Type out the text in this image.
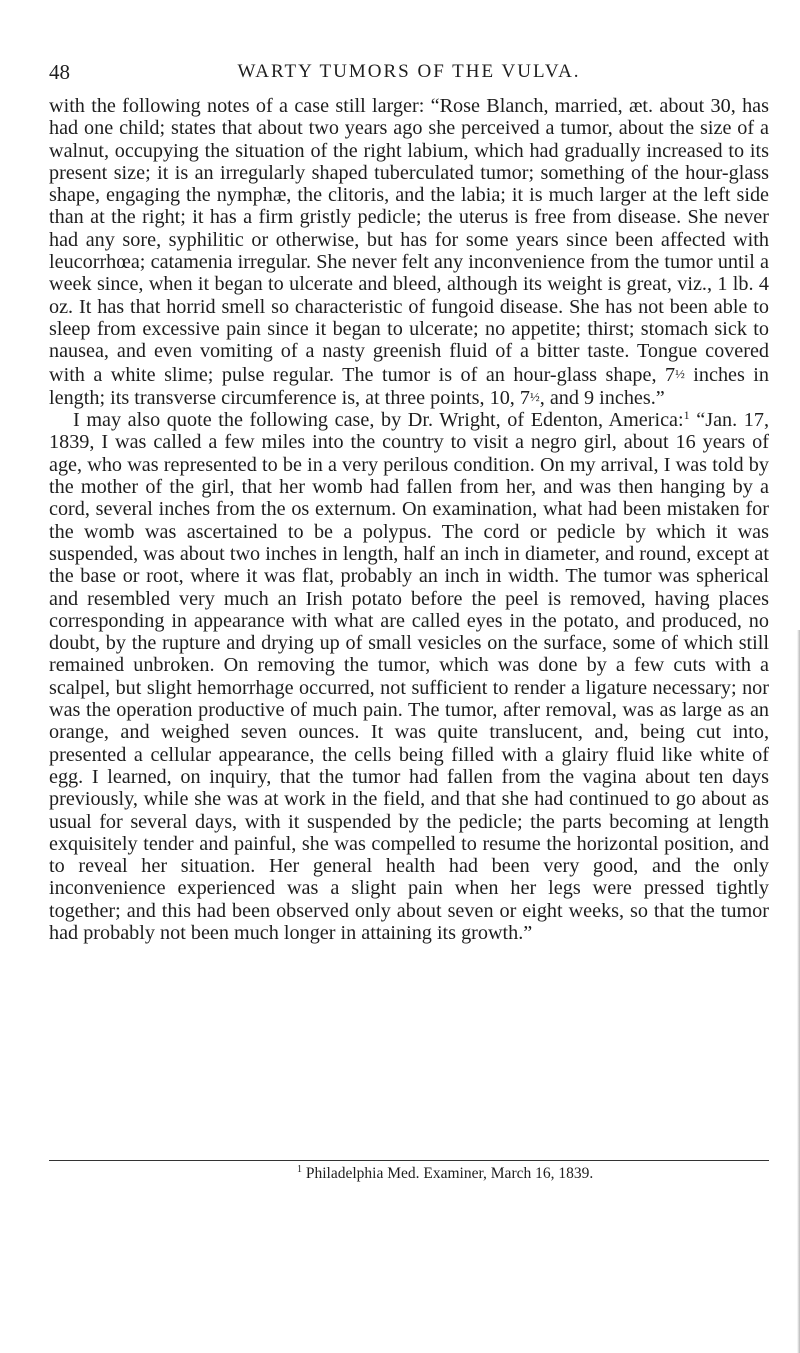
48	WARTY TUMORS OF THE VULVA.

with the following notes of a case still larger: “Rose Blanch, married, æt. about 30, has had one child; states that about two years ago she perceived a tumor, about the size of a walnut, occupying the situation of the right labium, which had gradually increased to its present size; it is an irregularly shaped tuberculated tumor; something of the hour-glass shape, engaging the nymphæ, the clitoris, and the labia; it is much larger at the left side than at the right; it has a firm gristly pedicle; the uterus is free from disease. She never had any sore, syphilitic or otherwise, but has for some years since been affected with leucorrhœa; catamenia irregular. She never felt any inconvenience from the tumor until a week since, when it began to ulcerate and bleed, although its weight is great, viz., 1 lb. 4 oz. It has that horrid smell so characteristic of fungoid disease. She has not been able to sleep from excessive pain since it began to ulcerate; no appetite; thirst; stomach sick to nausea, and even vomiting of a nasty greenish fluid of a bitter taste. Tongue covered with a white slime; pulse regular. The tumor is of an hour-glass shape, 7½ inches in length; its transverse circumference is, at three points, 10, 7½, and 9 inches.”

I may also quote the following case, by Dr. Wright, of Edenton, America:$^1$ “Jan. 17, 1839, I was called a few miles into the country to visit a negro girl, about 16 years of age, who was represented to be in a very perilous condition. On my arrival, I was told by the mother of the girl, that her womb had fallen from her, and was then hanging by a cord, several inches from the os externum. On examination, what had been mistaken for the womb was ascertained to be a polypus. The cord or pedicle by which it was suspended, was about two inches in length, half an inch in diameter, and round, except at the base or root, where it was flat, probably an inch in width. The tumor was spherical and resembled very much an Irish potato before the peel is removed, having places corresponding in appearance with what are called eyes in the potato, and produced, no doubt, by the rupture and drying up of small vesicles on the surface, some of which still remained unbroken. On removing the tumor, which was done by a few cuts with a scalpel, but slight hemorrhage occurred, not sufficient to render a ligature necessary; nor was the operation productive of much pain. The tumor, after removal, was as large as an orange, and weighed seven ounces. It was quite translucent, and, being cut into, presented a cellular appearance, the cells being filled with a glairy fluid like white of egg. I learned, on inquiry, that the tumor had fallen from the vagina about ten days previously, while she was at work in the field, and that she had continued to go about as usual for several days, with it suspended by the pedicle; the parts becoming at length exquisitely tender and painful, she was compelled to resume the horizontal position, and to reveal her situation. Her general health had been very good, and the only inconvenience experienced was a slight pain when her legs were pressed tightly together; and this had been observed only about seven or eight weeks, so that the tumor had probably not been much longer in attaining its growth.”

$^1$ Philadelphia Med. Examiner, March 16, 1839.
